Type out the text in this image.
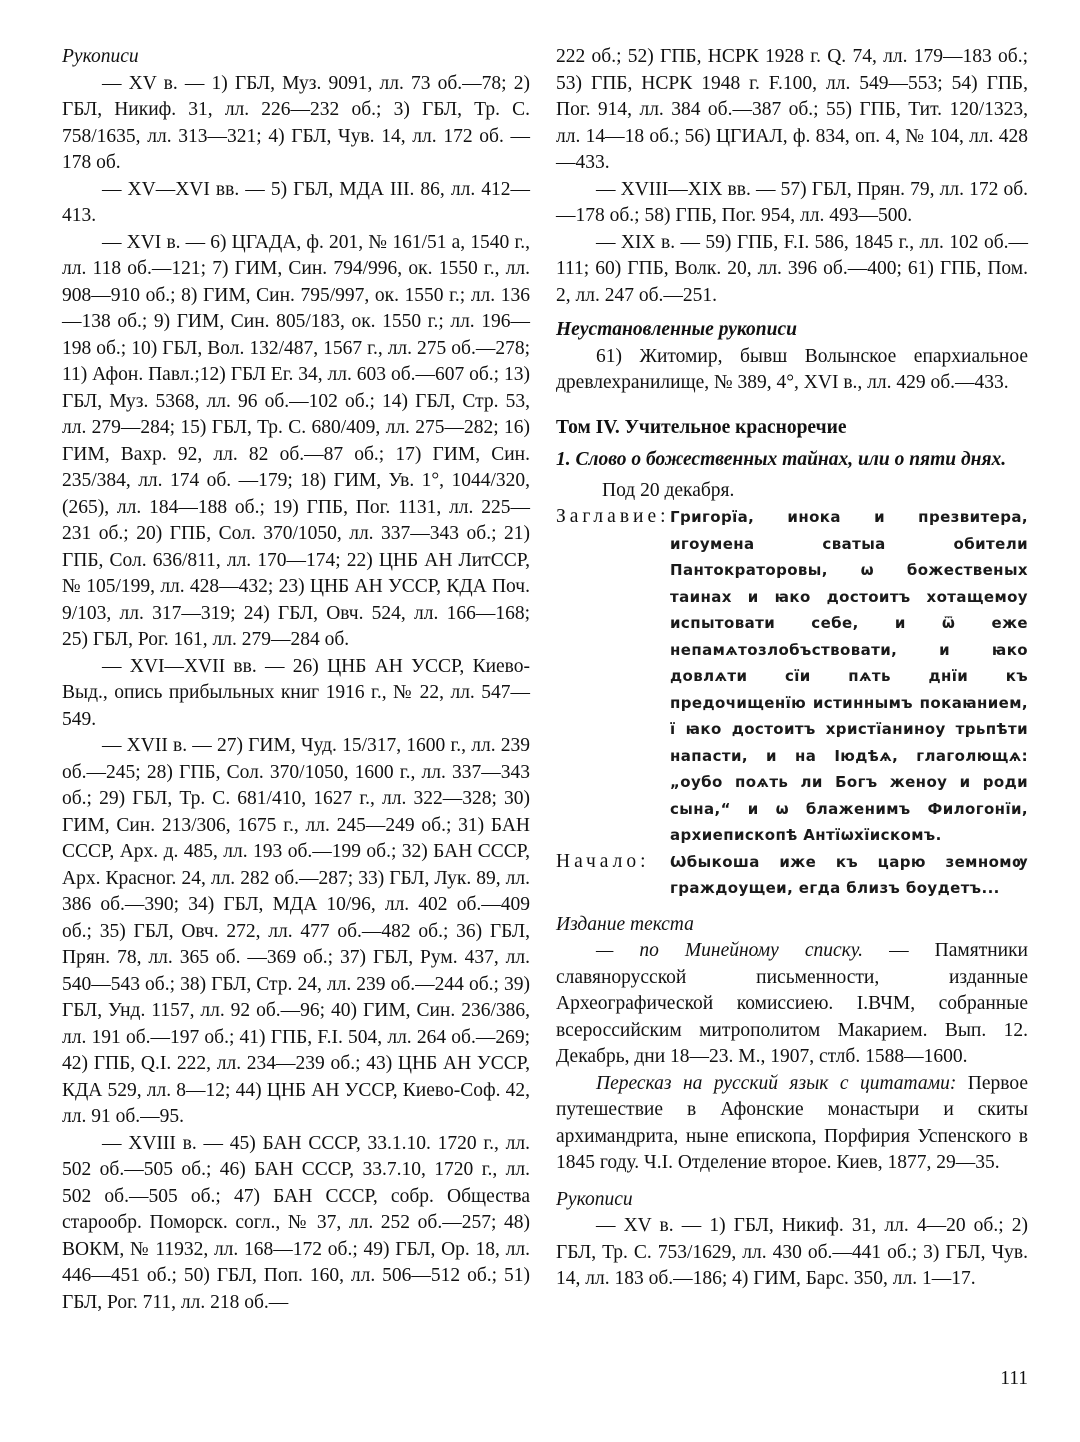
Рукописи

— XV в. — 1) ГБЛ, Муз. 9091, лл. 73 об.—78; 2) ГБЛ, Никиф. 31, лл. 226—232 об.; 3) ГБЛ, Тр. С. 758/1635, лл. 313—321; 4) ГБЛ, Чув. 14, лл. 172 об. —178 об.

— XV—XVI вв. — 5) ГБЛ, МДА III. 86, лл. 412—413.

— XVI в. — 6) ЦГАДА, ф. 201, № 161/51 а, 1540 г., лл. 118 об.—121; 7) ГИМ, Син. 794/996, ок. 1550 г., лл. 908—910 об.; 8) ГИМ, Син. 795/997, ок. 1550 г.; лл. 136—138 об.; 9) ГИМ, Син. 805/183, ок. 1550 г.; лл. 196—198 об.; 10) ГБЛ, Вол. 132/487, 1567 г., лл. 275 об.—278; 11) Афон. Павл.;12) ГБЛ Ег. 34, лл. 603 об.—607 об.; 13) ГБЛ, Муз. 5368, лл. 96 об.—102 об.; 14) ГБЛ, Стр. 53, лл. 279—284; 15) ГБЛ, Тр. С. 680/409, лл. 275—282; 16) ГИМ, Вахр. 92, лл. 82 об.—87 об.; 17) ГИМ, Син. 235/384, лл. 174 об. —179; 18) ГИМ, Ув. 1°, 1044/320, (265), лл. 184—188 об.; 19) ГПБ, Пог. 1131, лл. 225—231 об.; 20) ГПБ, Сол. 370/1050, лл. 337—343 об.; 21) ГПБ, Сол. 636/811, лл. 170—174; 22) ЦНБ АН ЛитССР, № 105/199, лл. 428—432; 23) ЦНБ АН УССР, КДА Поч. 9/103, лл. 317—319; 24) ГБЛ, Овч. 524, лл. 166—168; 25) ГБЛ, Рог. 161, лл. 279—284 об.

— XVI—XVII вв. — 26) ЦНБ АН УССР, Киево-Выд., опись прибыльных книг 1916 г., № 22, лл. 547—549.

— XVII в. — 27) ГИМ, Чуд. 15/317, 1600 г., лл. 239 об.—245; 28) ГПБ, Сол. 370/1050, 1600 г., лл. 337—343 об.; 29) ГБЛ, Тр. С. 681/410, 1627 г., лл. 322—328; 30) ГИМ, Син. 213/306, 1675 г., лл. 245—249 об.; 31) БАН СССР, Арх. д. 485, лл. 193 об.—199 об.; 32) БАН СССР, Арх. Красног. 24, лл. 282 об.—287; 33) ГБЛ, Лук. 89, лл. 386 об.—390; 34) ГБЛ, МДА 10/96, лл. 402 об.—409 об.; 35) ГБЛ, Овч. 272, лл. 477 об.—482 об.; 36) ГБЛ, Прян. 78, лл. 365 об. —369 об.; 37) ГБЛ, Рум. 437, лл. 540—543 об.; 38) ГБЛ, Стр. 24, лл. 239 об.—244 об.; 39) ГБЛ, Унд. 1157, лл. 92 об.—96; 40) ГИМ, Син. 236/386, лл. 191 об.—197 об.; 41) ГПБ, F.I. 504, лл. 264 об.—269; 42) ГПБ, Q.I. 222, лл. 234—239 об.; 43) ЦНБ АН УССР, КДА 529, лл. 8—12; 44) ЦНБ АН УССР, Киево-Соф. 42, лл. 91 об.—95.

— XVIII в. — 45) БАН СССР, 33.1.10. 1720 г., лл. 502 об.—505 об.; 46) БАН СССР, 33.7.10, 1720 г., лл. 502 об.—505 об.; 47) БАН СССР, собр. Общества старообр. Поморск. согл., № 37, лл. 252 об.—257; 48) ВОКМ, № 11932, лл. 168—172 об.; 49) ГБЛ, Ор. 18, лл. 446—451 об.; 50) ГБЛ, Поп. 160, лл. 506—512 об.; 51) ГБЛ, Рог. 711, лл. 218 об.—

222 об.; 52) ГПБ, НСРК 1928 г. Q. 74, лл. 179—183 об.; 53) ГПБ, НСРК 1948 г. F.100, лл. 549—553; 54) ГПБ, Пог. 914, лл. 384 об.—387 об.; 55) ГПБ, Тит. 120/1323, лл. 14—18 об.; 56) ЦГИАЛ, ф. 834, оп. 4, № 104, лл. 428—433.

— XVIII—XIX вв. — 57) ГБЛ, Прян. 79, лл. 172 об.—178 об.; 58) ГПБ, Пог. 954, лл. 493—500.

— XIX в. — 59) ГПБ, F.I. 586, 1845 г., лл. 102 об.—111; 60) ГПБ, Волк. 20, лл. 396 об.—400; 61) ГПБ, Пом. 2, лл. 247 об.—251.

Неустановленные рукописи

61) Житомир, бывш Волынское епархиальное древлехранилище, № 389, 4°, XVI в., лл. 429 об.—433.

Том IV. Учительное красноречие

1. Слово о божественных тайнах, или о пяти днях.

Под 20 декабря.

Заглавие: Григорїа, инока и презвитера, игоумена сватыа обители Пантократоровы, ѡ божественых таинах и ꙗко достоитъ хотащемоу испытовати себе, и ѿ еже непамѧтозлобъствовати, и ꙗко довлѧти сїи пѧть днїи къ предочищенїю истиннымъ покаꙗнием, ї ꙗко достоитъ христїаниноу трьпѣти напасти, и на Іюдѣѧ, глаголющѧ: „оубо поѧть ли Богъ женоу и роди сына,“ и ѡ блаженимъ Филогонїи, архиепископѣ Антїѡхїискомъ.
Начало:	Ѡбыкоша иже къ царю земномѹ граждоущеи, егда близъ боудетъ...

Издание текста

— по Минейному списку. — Памятники славянорусской письменности, изданные Археографической комиссиею. I.ВЧМ, собранные всероссийским митрополитом Макарием. Вып. 12. Декабрь, дни 18—23. М., 1907, стлб. 1588—1600.

Пересказ на русский язык с цитатами: Первое путешествие в Афонские монастыри и скиты архимандрита, ныне епископа, Порфирия Успенского в 1845 году. Ч.I. Отделение второе. Киев, 1877, 29—35.

Рукописи

— XV в. — 1) ГБЛ, Никиф. 31, лл. 4—20 об.; 2) ГБЛ, Тр. С. 753/1629, лл. 430 об.—441 об.; 3) ГБЛ, Чув. 14, лл. 183 об.—186; 4) ГИМ, Барс. 350, лл. 1—17.

111
